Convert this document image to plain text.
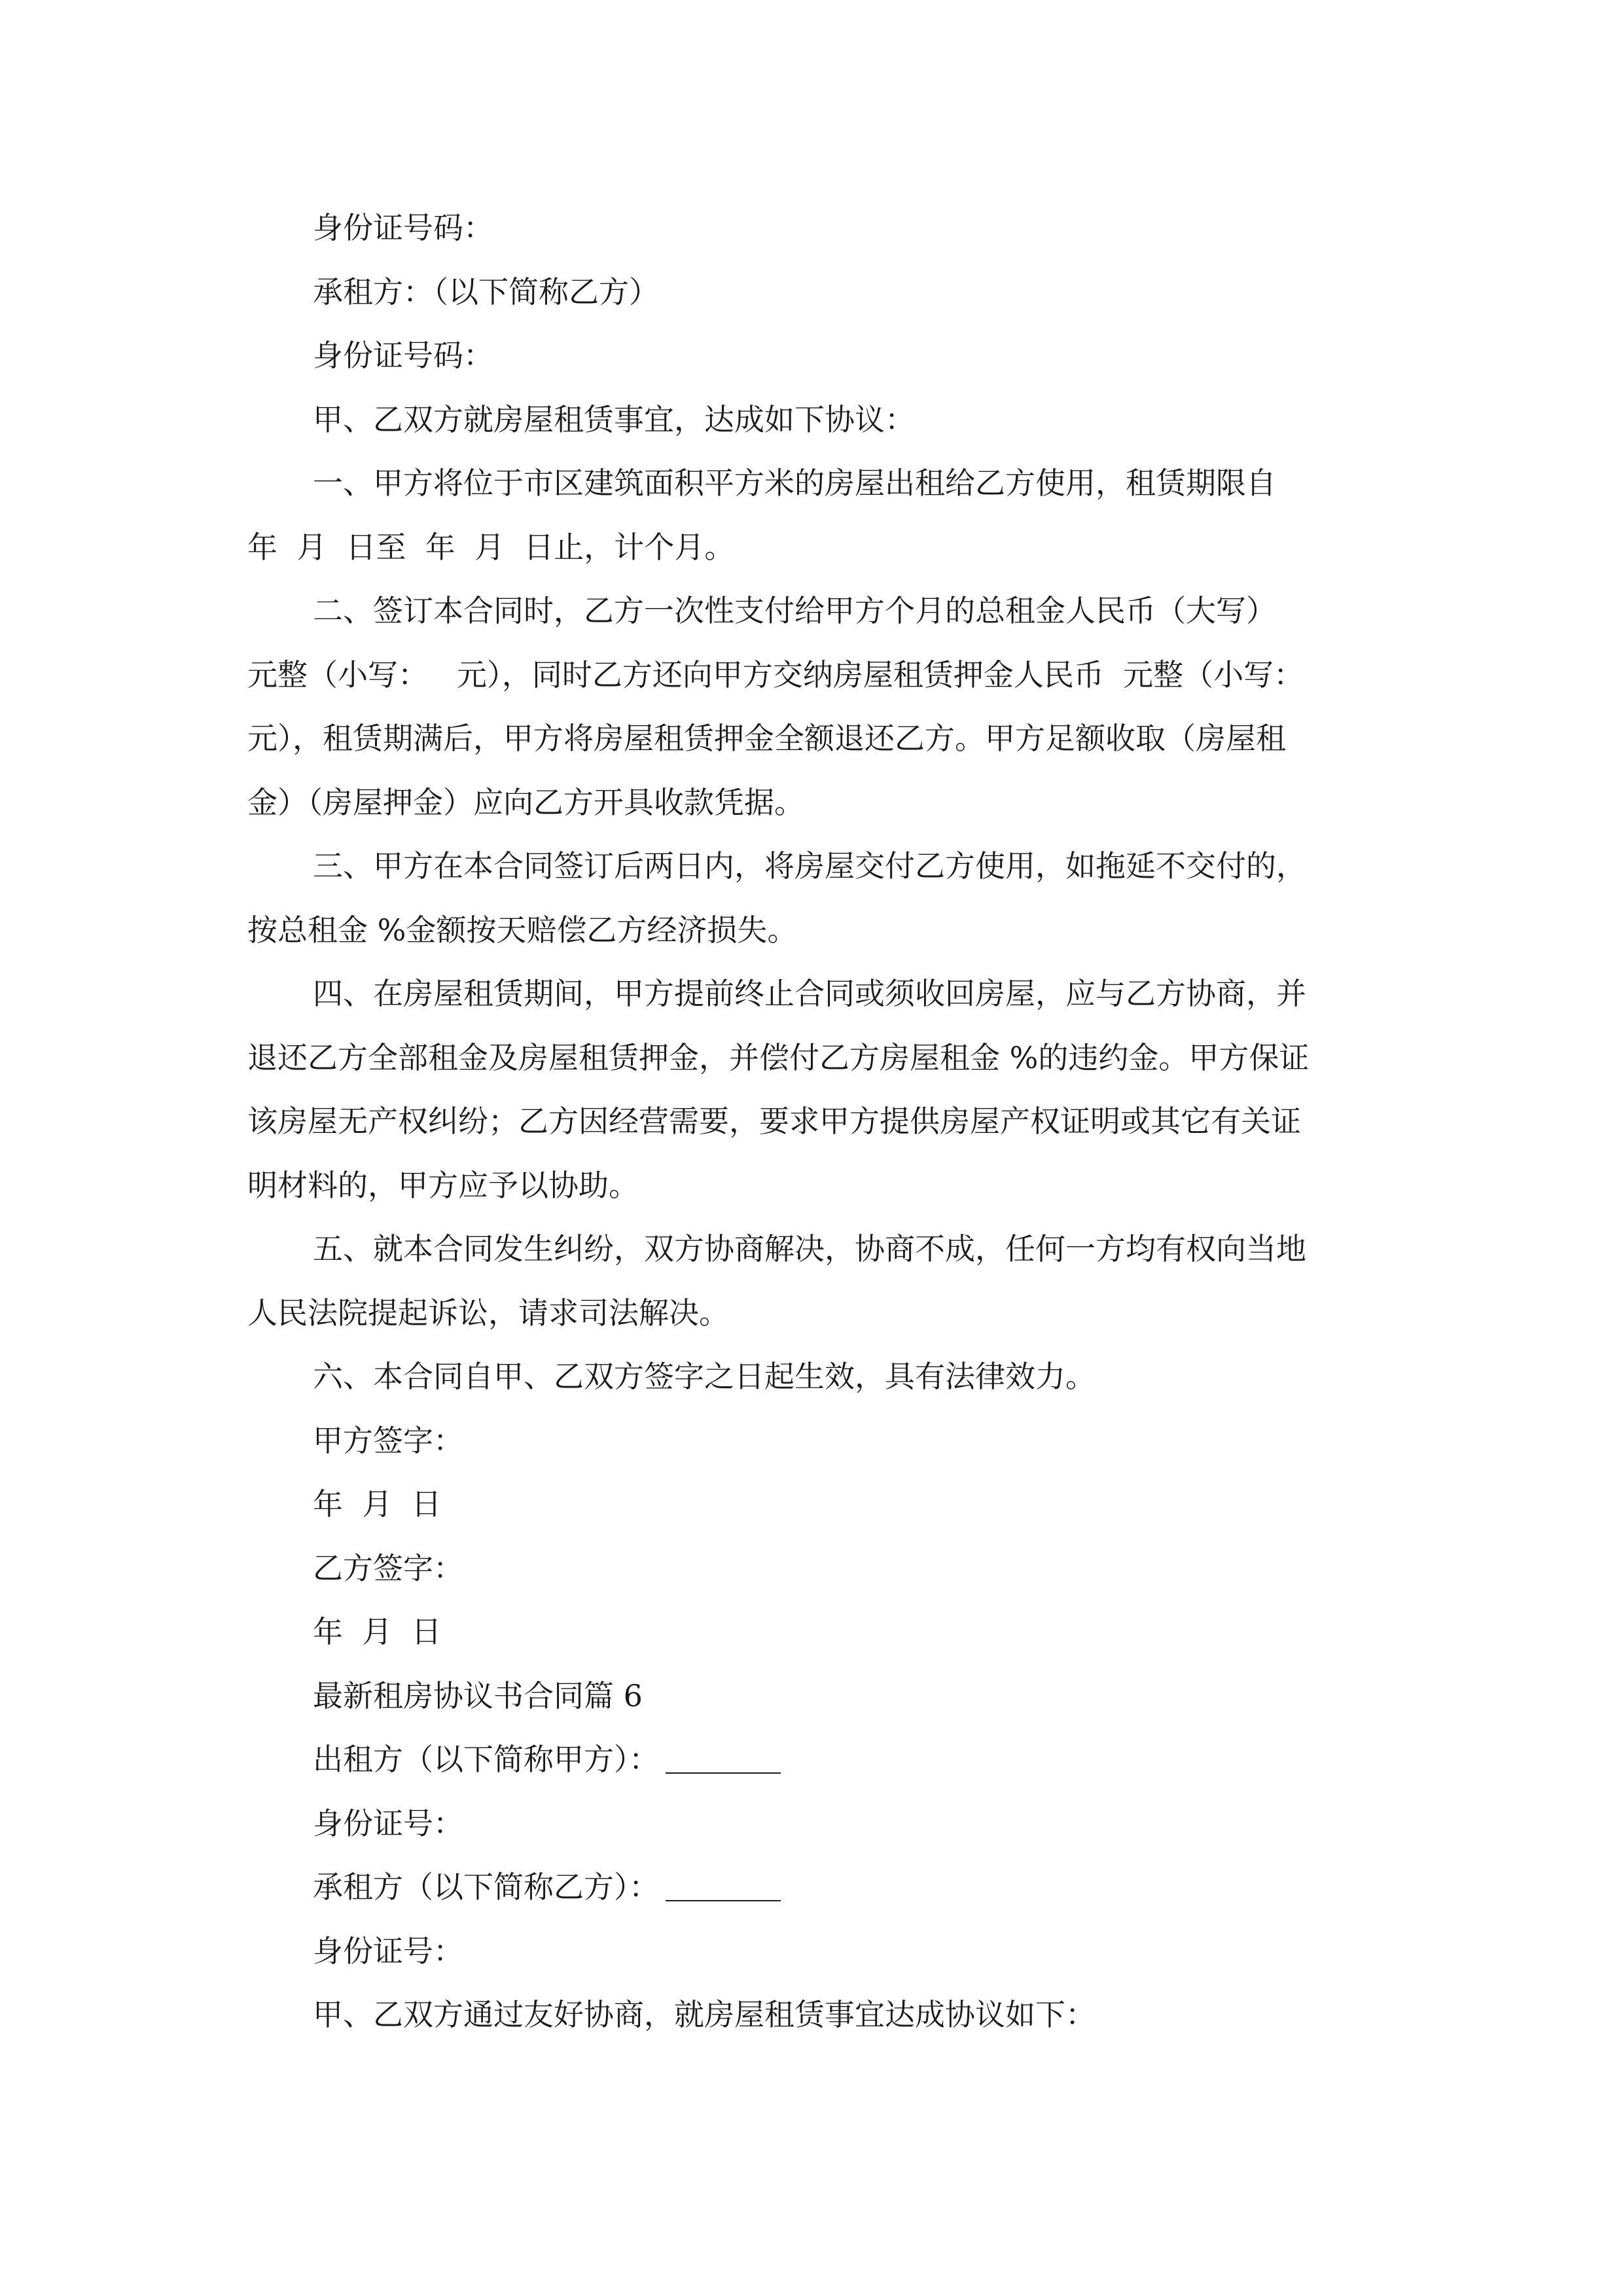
身份证号码：

承租方：（以下简称乙方）

身份证号码：

甲、乙双方就房屋租赁事宜，达成如下协议：

一、甲方将位于市区建筑面积平方米的房屋出租给乙方使用，租赁期限自

年  月  日至  年  月  日止，计个月。

二、签订本合同时，乙方一次性支付给甲方个月的总租金人民币（大写）

元整（小写：   元），同时乙方还向甲方交纳房屋租赁押金人民币  元整（小写：

元），租赁期满后，甲方将房屋租赁押金全额退还乙方。甲方足额收取（房屋租

金）（房屋押金）应向乙方开具收款凭据。

三、甲方在本合同签订后两日内，将房屋交付乙方使用，如拖延不交付的，

按总租金 %金额按天赔偿乙方经济损失。

四、在房屋租赁期间，甲方提前终止合同或须收回房屋，应与乙方协商，并

退还乙方全部租金及房屋租赁押金，并偿付乙方房屋租金 %的违约金。甲方保证

该房屋无产权纠纷；乙方因经营需要，要求甲方提供房屋产权证明或其它有关证

明材料的，甲方应予以协助。

五、就本合同发生纠纷，双方协商解决，协商不成，任何一方均有权向当地

人民法院提起诉讼，请求司法解决。

六、本合同自甲、乙双方签字之日起生效，具有法律效力。

甲方签字：

年  月  日

乙方签字：

年  月  日

最新租房协议书合同篇 6

出租方（以下简称甲方）：

身份证号：

承租方（以下简称乙方）：

身份证号：

甲、乙双方通过友好协商，就房屋租赁事宜达成协议如下：
